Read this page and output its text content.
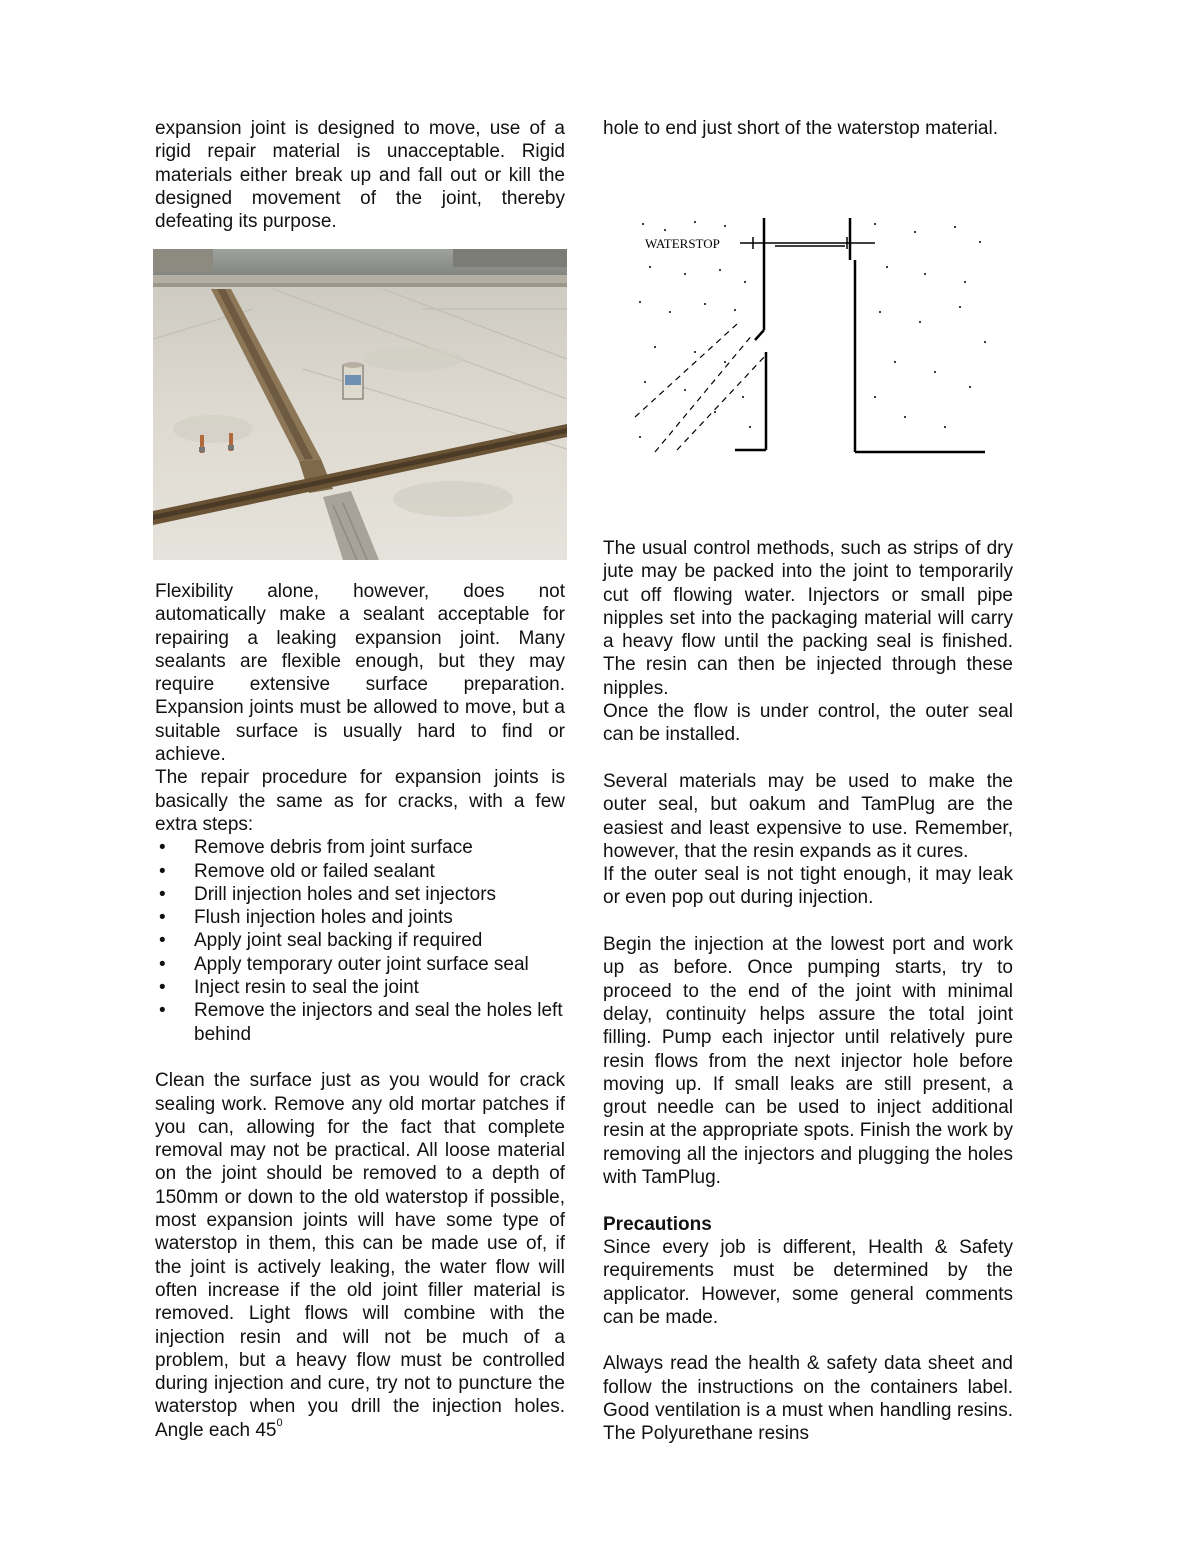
expansion joint is designed to move, use of a rigid repair material is unacceptable. Rigid materials either break up and fall out or kill the designed movement of the joint, thereby defeating its purpose.

Flexibility alone, however, does not automatically make a sealant acceptable for repairing a leaking expansion joint. Many sealants are flexible enough, but they may require extensive surface preparation. Expansion joints must be allowed to move, but a suitable surface is usually hard to find or achieve.

The repair procedure for expansion joints is basically the same as for cracks, with a few extra steps:

• Remove debris from joint surface
• Remove old or failed sealant
• Drill injection holes and set injectors
• Flush injection holes and joints
• Apply joint seal backing if required
• Apply temporary outer joint surface seal
• Inject resin to seal the joint
• Remove the injectors and seal the holes left behind

Clean the surface just as you would for crack sealing work. Remove any old mortar patches if you can, allowing for the fact that complete removal may not be practical. All loose material on the joint should be removed to a depth of 150mm or down to the old waterstop if possible, most expansion joints will have some type of waterstop in them, this can be made use of, if the joint is actively leaking, the water flow will often increase if the old joint filler material is removed. Light flows will combine with the injection resin and will not be much of a problem, but a heavy flow must be controlled during injection and cure, try not to puncture the waterstop when you drill the injection holes. Angle each $45^0$

hole to end just short of the waterstop material.

WATERSTOP

The usual control methods, such as strips of dry jute may be packed into the joint to temporarily cut off flowing water. Injectors or small pipe nipples set into the packaging material will carry a heavy flow until the packing seal is finished. The resin can then be injected through these nipples.

Once the flow is under control, the outer seal can be installed.

Several materials may be used to make the outer seal, but oakum and TamPlug are the easiest and least expensive to use. Remember, however, that the resin expands as it cures.

If the outer seal is not tight enough, it may leak or even pop out during injection.

Begin the injection at the lowest port and work up as before. Once pumping starts, try to proceed to the end of the joint with minimal delay, continuity helps assure the total joint filling. Pump each injector until relatively pure resin flows from the next injector hole before moving up. If small leaks are still present, a grout needle can be used to inject additional resin at the appropriate spots. Finish the work by removing all the injectors and plugging the holes with TamPlug.

Precautions

Since every job is different, Health & Safety requirements must be determined by the applicator. However, some general comments can be made.

Always read the health & safety data sheet and follow the instructions on the containers label. Good ventilation is a must when handling resins. The Polyurethane resins
